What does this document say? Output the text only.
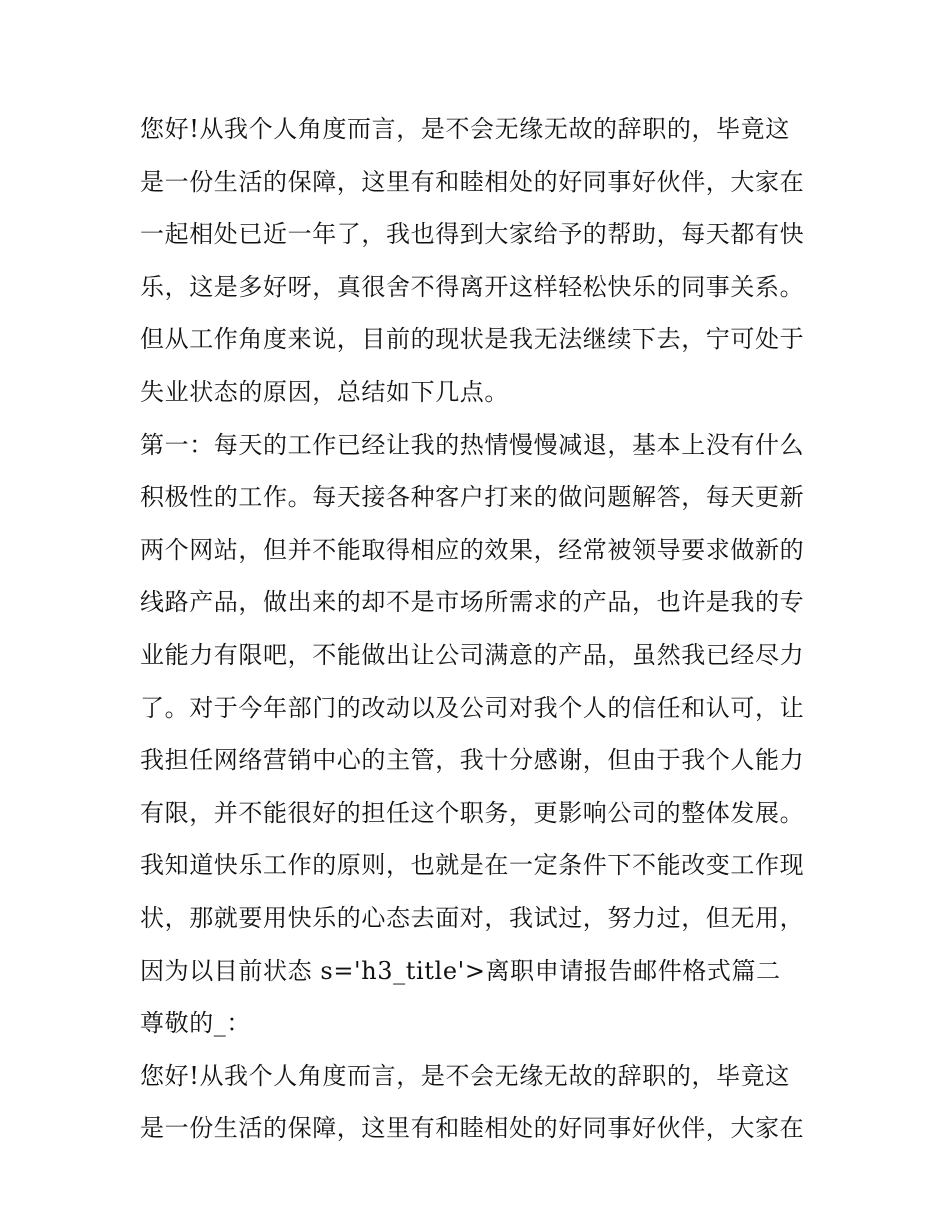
您好!从我个人角度而言，是不会无缘无故的辞职的，毕竟这
是一份生活的保障，这里有和睦相处的好同事好伙伴，大家在
一起相处已近一年了，我也得到大家给予的帮助，每天都有快
乐，这是多好呀，真很舍不得离开这样轻松快乐的同事关系。
但从工作角度来说，目前的现状是我无法继续下去，宁可处于
失业状态的原因，总结如下几点。
第一：每天的工作已经让我的热情慢慢减退，基本上没有什么
积极性的工作。每天接各种客户打来的做问题解答，每天更新
两个网站，但并不能取得相应的效果，经常被领导要求做新的
线路产品，做出来的却不是市场所需求的产品，也许是我的专
业能力有限吧，不能做出让公司满意的产品，虽然我已经尽力
了。对于今年部门的改动以及公司对我个人的信任和认可，让
我担任网络营销中心的主管，我十分感谢，但由于我个人能力
有限，并不能很好的担任这个职务，更影响公司的整体发展。
我知道快乐工作的原则，也就是在一定条件下不能改变工作现
状，那就要用快乐的心态去面对，我试过，努力过，但无用，
因为以目前状态 s='h3_title'>离职申请报告邮件格式篇二
尊敬的_：
您好!从我个人角度而言，是不会无缘无故的辞职的，毕竟这
是一份生活的保障，这里有和睦相处的好同事好伙伴，大家在
